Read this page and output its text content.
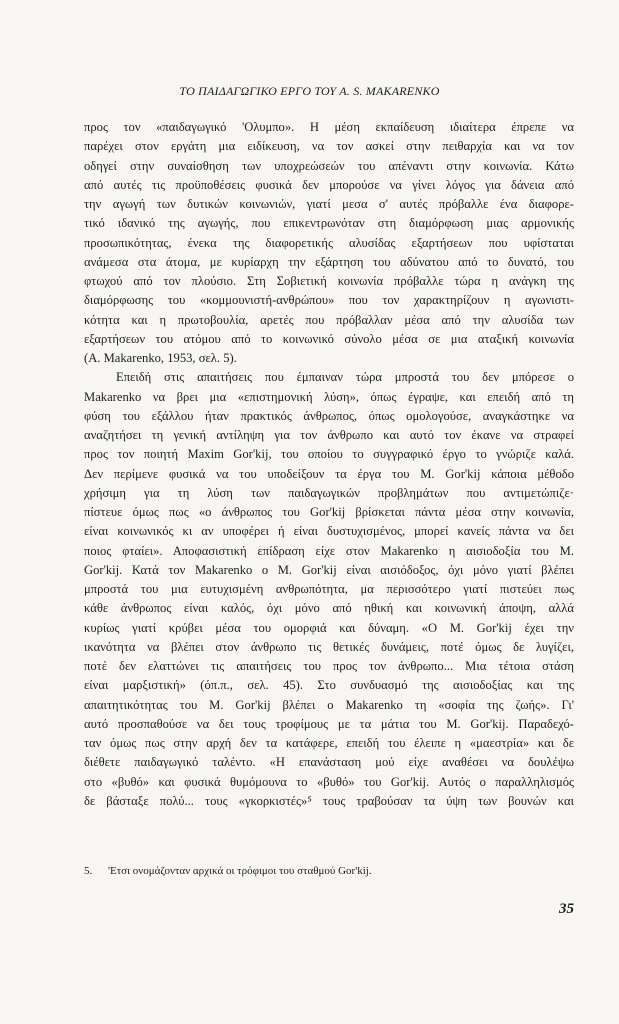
ΤΟ ΠΑΙΔΑΓΩΓΙΚΟ ΕΡΓΟ ΤΟΥ Α. S. MAKARENKO
προς τον «παιδαγωγικό 'Ολυμπο». Η μέση εκπαίδευση ιδιαίτερα έπρεπε να
παρέχει στον εργάτη μια ειδίκευση, να τον ασκεί στην πειθαρχία και να τον
οδηγεί στην συναίσθηση των υποχρεώσεών του απέναντι στην κοινωνία. Κάτω
από αυτές τις προϋποθέσεις φυσικά δεν μπορούσε να γίνει λόγος για δάνεια από
την αγωγή των δυτικών κοινωνιών, γιατί μεσα σ' αυτές πρόβαλλε ένα διαφορε-
τικό ιδανικό της αγωγής, που επικεντρωνόταν στη διαμόρφωση μιας αρμονικής
προσωπικότητας, ένεκα της διαφορετικής αλυσίδας εξαρτήσεων που υφίσταται
ανάμεσα στα άτομα, με κυρίαρχη την εξάρτηση του αδύνατου από το δυνατό, του
φτωχού από τον πλούσιο. Στη Σοβιετική κοινωνία πρόβαλλε τώρα η ανάγκη της
διαμόρφωσης του «κομμουνιστή-ανθρώπου» που τον χαρακτηρίζουν η αγωνιστι-
κότητα και η πρωτοβουλία, αρετές που πρόβαλλαν μέσα από την αλυσίδα των
εξαρτήσεων του ατόμου από το κοινωνικό σύνολο μέσα σε μια αταξική κοινωνία
(A. Makarenko, 1953, σελ. 5).
Επειδή στις απαιτήσεις που έμπαιναν τώρα μπροστά του δεν μπόρεσε ο
Makarenko να βρει μια «επιστημονική λύση», όπως έγραψε, και επειδή από τη
φύση του εξάλλου ήταν πρακτικός άνθρωπος, όπως ομολογούσε, αναγκάστηκε να
αναζητήσει τη γενική αντίληψη για τον άνθρωπο και αυτό τον έκανε να στραφεί
προς τον ποιητή Maxim Gor'kij, του οποίου το συγγραφικό έργο το γνώριζε καλά.
Δεν περίμενε φυσικά να του υποδείξουν τα έργα του M. Gor'kij κάποια μέθοδο
χρήσιμη για τη λύση των παιδαγωγικών προβλημάτων που αντιμετώπιζε·
πίστευε όμως πως «ο άνθρωπος του Gor'kij βρίσκεται πάντα μέσα στην κοινωνία,
είναι κοινωνικός κι αν υποφέρει ή είναι δυστυχισμένος, μπορεί κανείς πάντα να δει
ποιος φταίει». Αποφασιστική επίδραση είχε στον Makarenko η αισιοδοξία του M.
Gor'kij. Κατά τον Makarenko ο M. Gor'kij είναι αισιόδοξος, όχι μόνο γιατί βλέπει
μπροστά του μια ευτυχισμένη ανθρωπότητα, μα περισσότερο γιατί πιστεύει πως
κάθε άνθρωπος είναι καλός, όχι μόνο από ηθική και κοινωνική άποψη, αλλά
κυρίως γιατί κρύβει μέσα του ομορφιά και δύναμη. «Ο M. Gor'kij έχει την
ικανότητα να βλέπει στον άνθρωπο τις θετικές δυνάμεις, ποτέ όμως δε λυγίζει,
ποτέ δεν ελαττώνει τις απαιτήσεις του προς τον άνθρωπο... Μια τέτοια στάση
είναι μαρξιστική» (όπ.π., σελ. 45). Στο συνδυασμό της αισιοδοξίας και της
απαιτητικότητας του M. Gor'kij βλέπει ο Makarenko τη «σοφία της ζωής». Γι'
αυτό προσπαθούσε να δει τους τροφίμους με τα μάτια του M. Gor'kij. Παραδεχό-
ταν όμως πως στην αρχή δεν τα κατάφερε, επειδή του έλειπε η «μαεστρία» και δε
διέθετε παιδαγωγικό ταλέντο. «Η επανάσταση μού είχε αναθέσει να δουλέψω
στο «βυθό» και φυσικά θυμόμουνα το «βυθό» του Gor'kij. Αυτός ο παραλληλισμός
δε βάσταξε πολύ... τους «γκορκιστές»⁵ τους τραβούσαν τα ύψη των βουνών και
5. 'Ετσι ονομάζονταν αρχικά οι τρόφιμοι του σταθμού Gor'kij.
35
